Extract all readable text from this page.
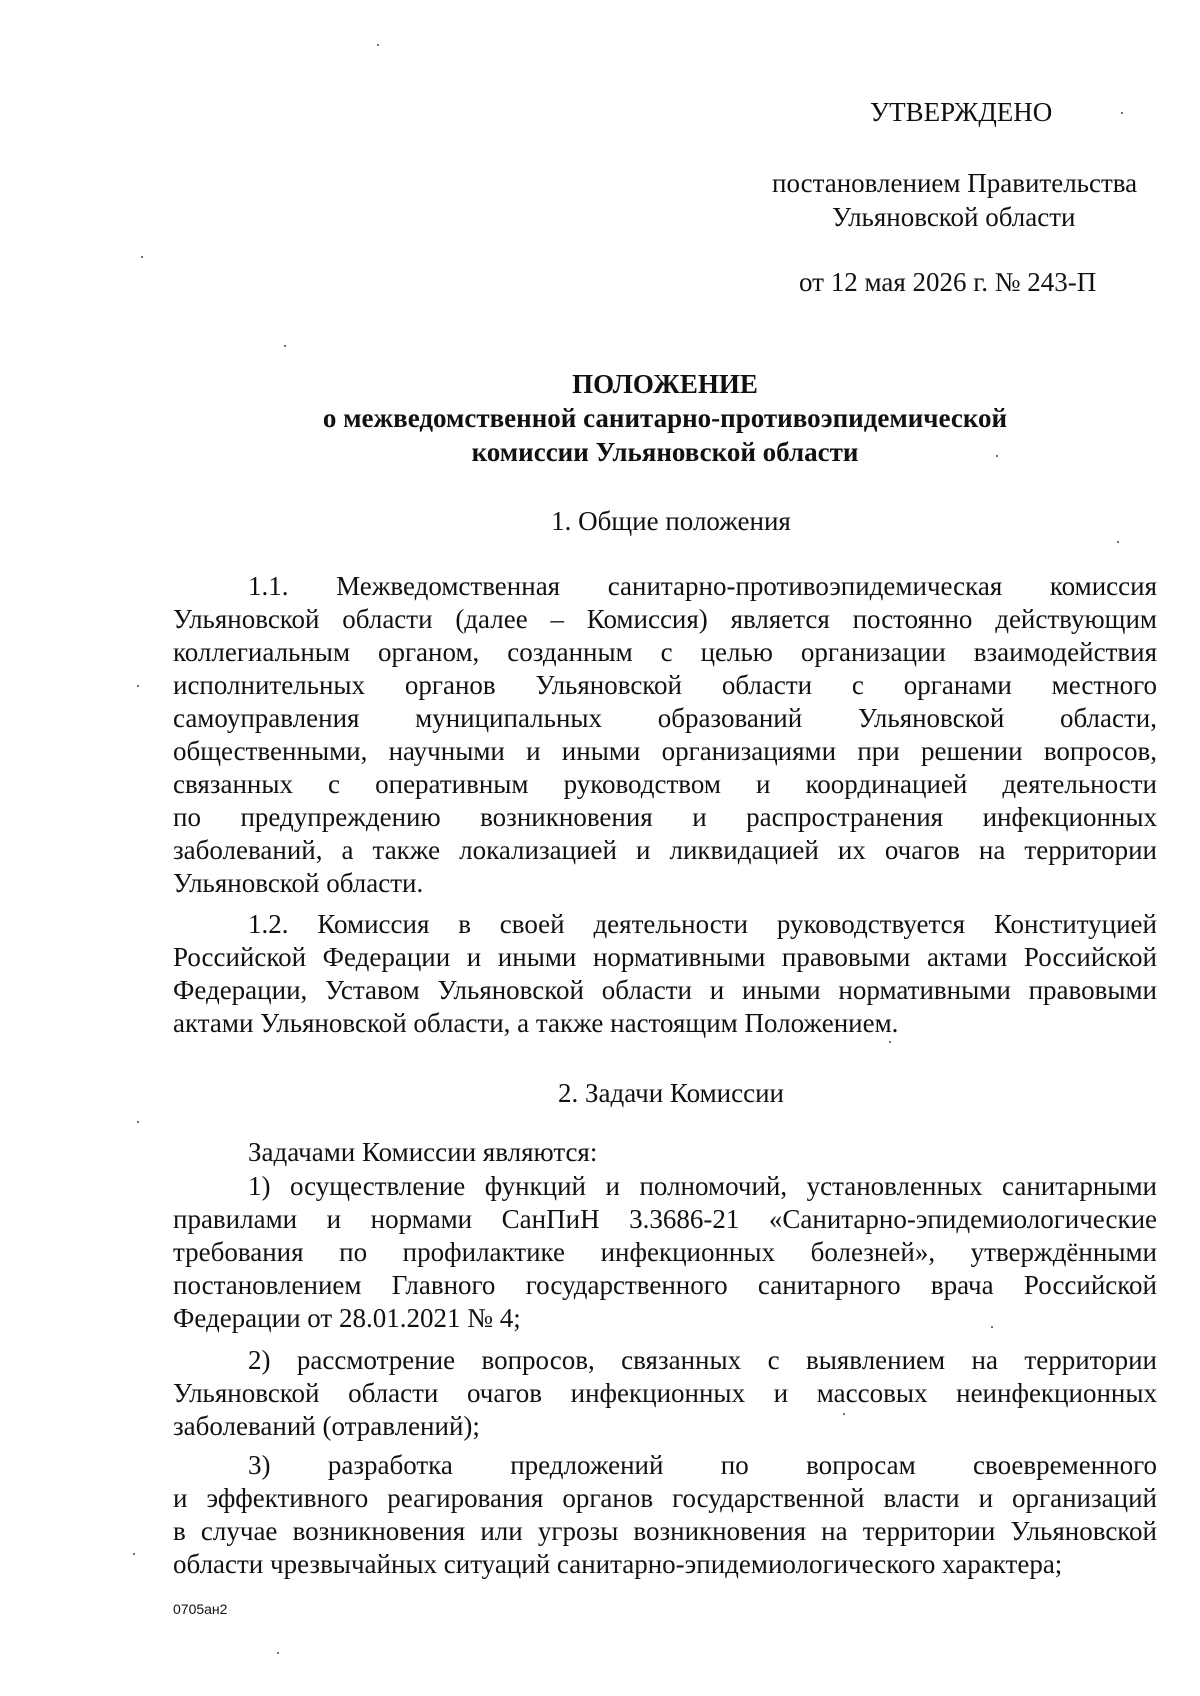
УТВЕРЖДЕНО
постановлением Правительства
Ульяновской области
от 12 мая 2026 г. № 243-П
ПОЛОЖЕНИЕ
о межведомственной санитарно-противоэпидемической
комиссии Ульяновской области
1. Общие положения
1.1. Межведомственная санитарно-противоэпидемическая комиссия
Ульяновской области (далее – Комиссия) является постоянно действующим
коллегиальным органом, созданным с целью организации взаимодействия
исполнительных органов Ульяновской области с органами местного
самоуправления муниципальных образований Ульяновской области,
общественными, научными и иными организациями при решении вопросов,
связанных с оперативным руководством и координацией деятельности
по предупреждению возникновения и распространения инфекционных
заболеваний, а также локализацией и ликвидацией их очагов на территории
Ульяновской области.
1.2. Комиссия в своей деятельности руководствуется Конституцией
Российской Федерации и иными нормативными правовыми актами Российской
Федерации, Уставом Ульяновской области и иными нормативными правовыми
актами Ульяновской области, а также настоящим Положением.
2. Задачи Комиссии
Задачами Комиссии являются:
1) осуществление функций и полномочий, установленных санитарными
правилами и нормами СанПиН 3.3686-21 «Санитарно-эпидемиологические
требования по профилактике инфекционных болезней», утверждёнными
постановлением Главного государственного санитарного врача Российской
Федерации от 28.01.2021 № 4;
2) рассмотрение вопросов, связанных с выявлением на территории
Ульяновской области очагов инфекционных и массовых неинфекционных
заболеваний (отравлений);
3) разработка предложений по вопросам своевременного
и эффективного реагирования органов государственной власти и организаций
в случае возникновения или угрозы возникновения на территории Ульяновской
области чрезвычайных ситуаций санитарно-эпидемиологического характера;
0705ан2
